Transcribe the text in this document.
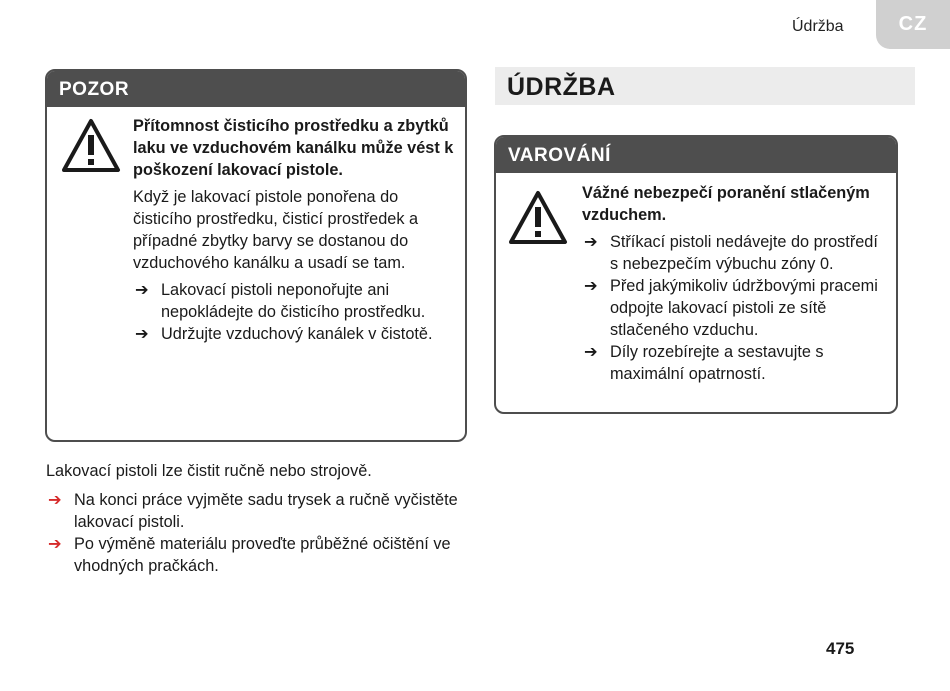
Údržba	CZ
POZOR

Přítomnost čisticího prostředku a zbytků laku ve vzduchovém kanálku může vést k poškození lakovací pistole.

Když je lakovací pistole ponořena do čisticího prostředku, čisticí prostředek a případné zbytky barvy se dostanou do vzduchového kanálku a usadí se tam.

➔ Lakovací pistoli neponořujte ani nepokládejte do čisticího prostředku.
➔ Udržujte vzduchový kanálek v čistotě.

Lakovací pistoli lze čistit ručně nebo strojově.

➔ Na konci práce vyjměte sadu trysek a ručně vyčistěte lakovací pistoli.
➔ Po výměně materiálu proveďte průběžné očištění ve vhodných pračkách.
ÚDRŽBA
VAROVÁNÍ

Vážné nebezpečí poranění stlačeným vzduchem.

➔ Stříkací pistoli nedávejte do prostředí s nebezpečím výbuchu zóny 0.
➔ Před jakýmikoliv údržbovými pracemi odpojte lakovací pistoli ze sítě stlačeného vzduchu.
➔ Díly rozebírejte a sestavujte s maximální opatrností.
475
